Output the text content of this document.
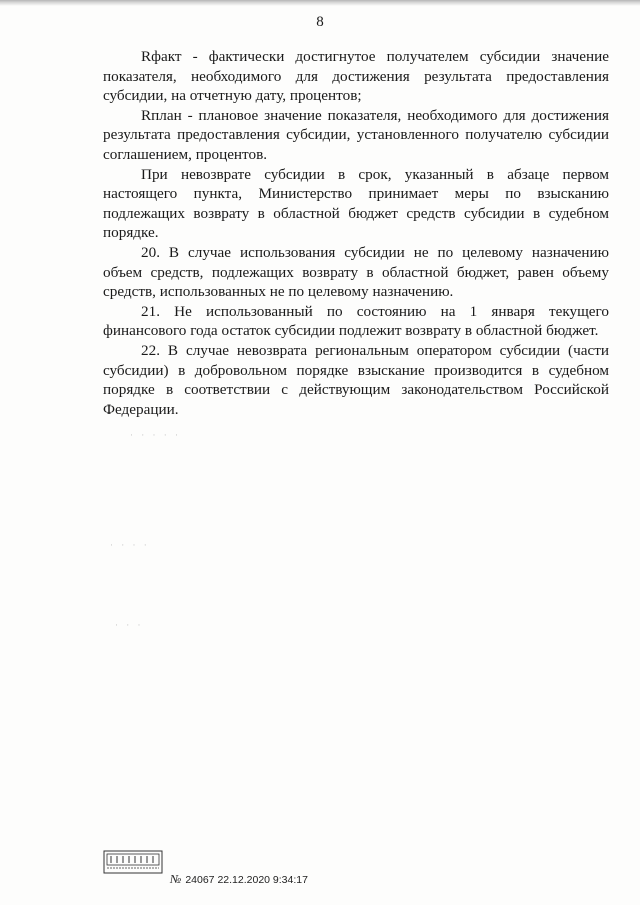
8

Rфакт - фактически достигнутое получателем субсидии значение показателя, необходимого для достижения результата предоставления субсидии, на отчетную дату, процентов;

Rплан - плановое значение показателя, необходимого для достижения результата предоставления субсидии, установленного получателю субсидии соглашением, процентов.

При невозврате субсидии в срок, указанный в абзаце первом настоящего пункта, Министерство принимает меры по взысканию подлежащих возврату в областной бюджет средств субсидии в судебном порядке.

20. В случае использования субсидии не по целевому назначению объем средств, подлежащих возврату в областной бюджет, равен объему средств, использованных не по целевому назначению.

21. Не использованный по состоянию на 1 января текущего финансового года остаток субсидии подлежит возврату в областной бюджет.

22. В случае невозврата региональным оператором субсидии (части субсидии) в добровольном порядке взыскание производится в судебном порядке в соответствии с действующим законодательством Российской Федерации.

· · · · ·
· · · ·
· · ·
№ 24067 22.12.2020 9:34:17
